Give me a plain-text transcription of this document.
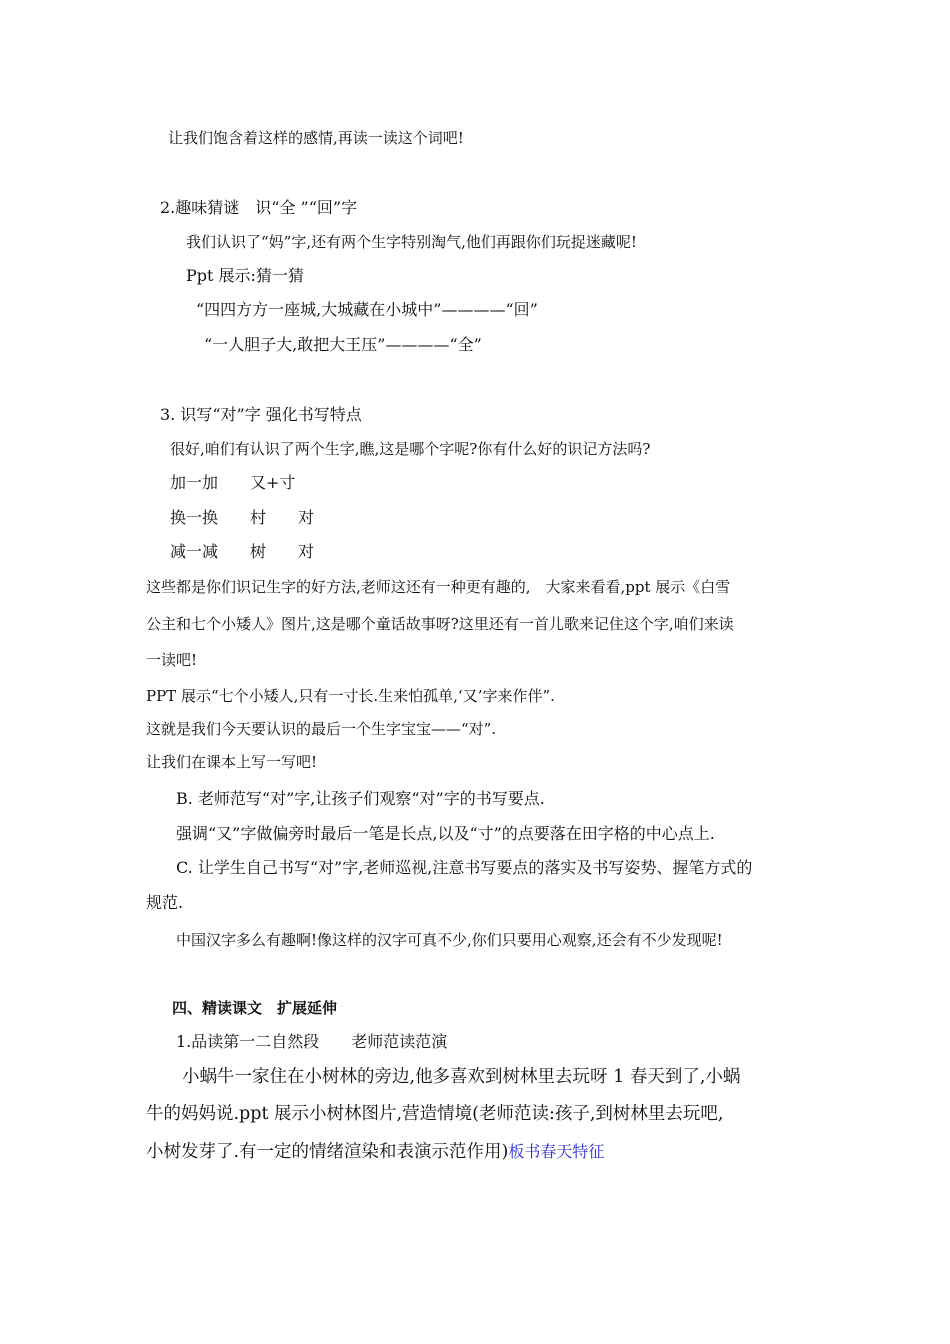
让我们饱含着这样的感情,再读一读这个词吧!
2.趣味猜谜　识“全 ”“回”字
我们认识了“妈”字,还有两个生字特别淘气,他们再跟你们玩捉迷藏呢!
Ppt 展示:猜一猜
“四四方方一座城,大城藏在小城中”————“回”
“一人胆子大,敢把大王压”————“全”
3. 识写“对”字 强化书写特点
很好,咱们有认识了两个生字,瞧,这是哪个字呢?你有什么好的识记方法吗?
加一加　　又+寸
换一换　　村　　对
减一减　　树　　对
这些都是你们识记生字的好方法,老师这还有一种更有趣的,　大家来看看,ppt 展示《白雪
公主和七个小矮人》图片,这是哪个童话故事呀?这里还有一首儿歌来记住这个字,咱们来读
一读吧!
PPT 展示“七个小矮人,只有一寸长.生来怕孤单,‘又’字来作伴”.
这就是我们今天要认识的最后一个生字宝宝——“对”.
让我们在课本上写一写吧!
B. 老师范写“对”字,让孩子们观察“对”字的书写要点.
强调“又”字做偏旁时最后一笔是长点,以及“寸”的点要落在田字格的中心点上.
C. 让学生自己书写“对”字,老师巡视,注意书写要点的落实及书写姿势、握笔方式的
规范.
中国汉字多么有趣啊!像这样的汉字可真不少,你们只要用心观察,还会有不少发现呢!
四、精读课文　扩展延伸
1.品读第一二自然段　　老师范读范演
小蜗牛一家住在小树林的旁边,他多喜欢到树林里去玩呀 1 春天到了,小蜗
牛的妈妈说.ppt 展示小树林图片,营造情境(老师范读:孩子,到树林里去玩吧,
小树发芽了.有一定的情绪渲染和表演示范作用)板书春天特征
